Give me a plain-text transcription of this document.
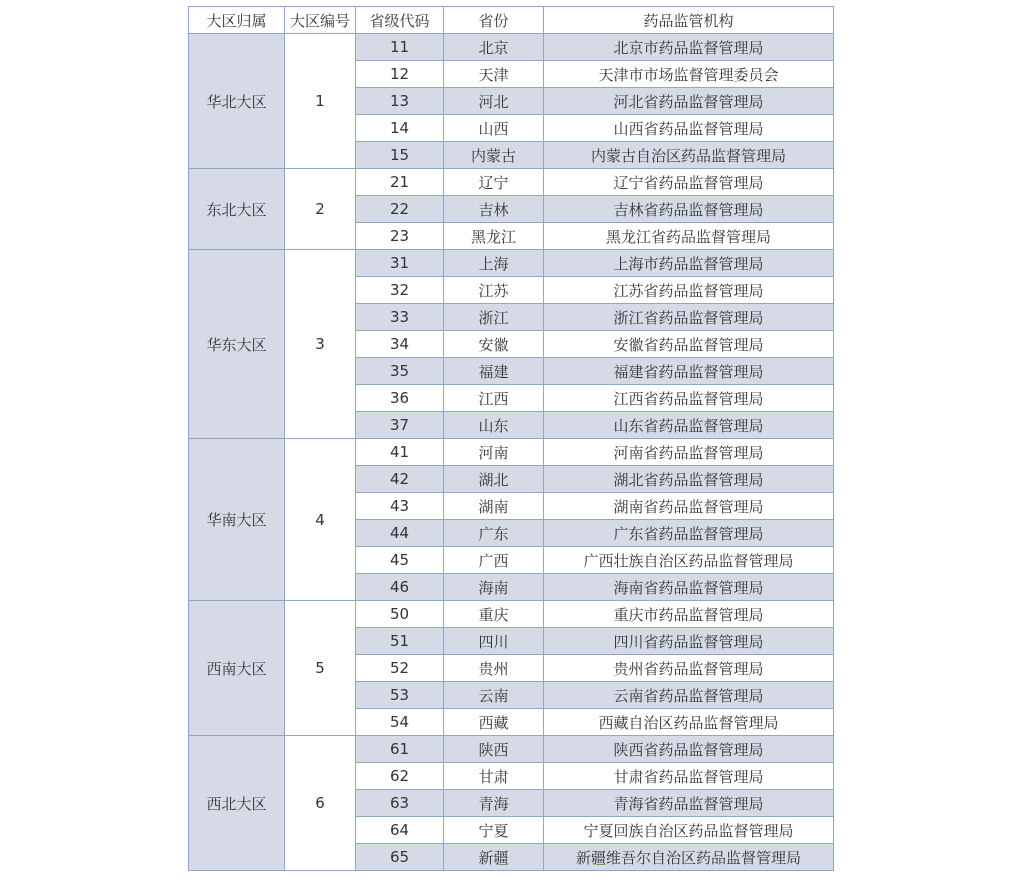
大区归属	大区编号	省级代码	省份	药品监管机构
华北大区	1	11	北京	北京市药品监督管理局
		12	天津	天津市市场监督管理委员会
		13	河北	河北省药品监督管理局
		14	山西	山西省药品监督管理局
		15	内蒙古	内蒙古自治区药品监督管理局
东北大区	2	21	辽宁	辽宁省药品监督管理局
		22	吉林	吉林省药品监督管理局
		23	黑龙江	黑龙江省药品监督管理局
华东大区	3	31	上海	上海市药品监督管理局
		32	江苏	江苏省药品监督管理局
		33	浙江	浙江省药品监督管理局
		34	安徽	安徽省药品监督管理局
		35	福建	福建省药品监督管理局
		36	江西	江西省药品监督管理局
		37	山东	山东省药品监督管理局
华南大区	4	41	河南	河南省药品监督管理局
		42	湖北	湖北省药品监督管理局
		43	湖南	湖南省药品监督管理局
		44	广东	广东省药品监督管理局
		45	广西	广西壮族自治区药品监督管理局
		46	海南	海南省药品监督管理局
西南大区	5	50	重庆	重庆市药品监督管理局
		51	四川	四川省药品监督管理局
		52	贵州	贵州省药品监督管理局
		53	云南	云南省药品监督管理局
		54	西藏	西藏自治区药品监督管理局
西北大区	6	61	陕西	陕西省药品监督管理局
		62	甘肃	甘肃省药品监督管理局
		63	青海	青海省药品监督管理局
		64	宁夏	宁夏回族自治区药品监督管理局
		65	新疆	新疆维吾尔自治区药品监督管理局
